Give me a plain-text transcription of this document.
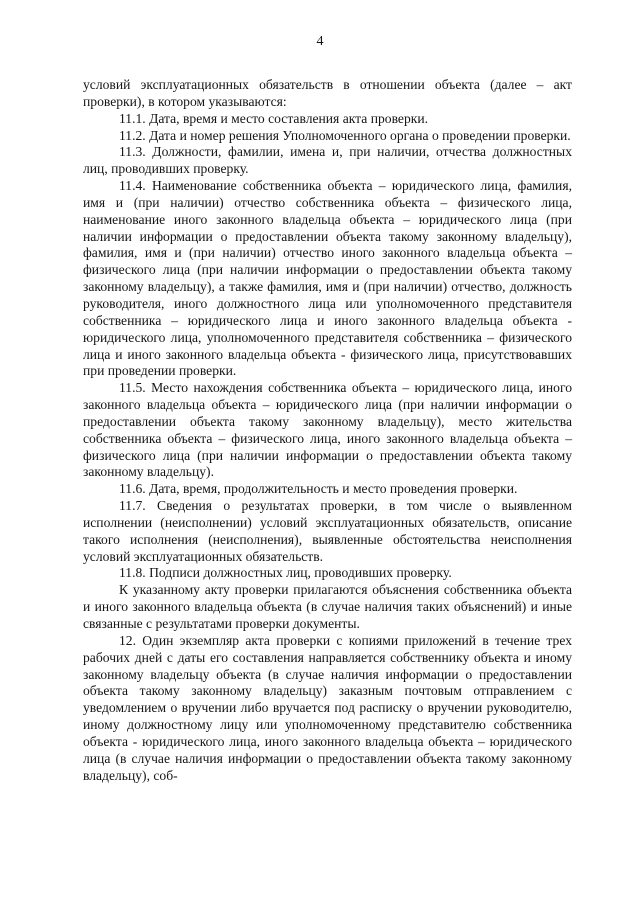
4

условий эксплуатационных обязательств в отношении объекта (далее – акт проверки), в котором указываются:

11.1. Дата, время и место составления акта проверки.

11.2. Дата и номер решения Уполномоченного органа о проведении проверки.

11.3. Должности, фамилии, имена и, при наличии, отчества должностных лиц, проводивших проверку.

11.4. Наименование собственника объекта – юридического лица, фамилия, имя и (при наличии) отчество собственника объекта – физического лица, наименование иного законного владельца объекта – юридического лица (при наличии информации о предоставлении объекта такому законному владельцу), фамилия, имя и (при наличии) отчество иного законного владельца объекта – физического лица (при наличии информации о предоставлении объекта такому законному владельцу), а также фамилия, имя и (при наличии) отчество, должность руководителя, иного должностного лица или уполномоченного представителя собственника – юридического лица и иного законного владельца объекта - юридического лица, уполномоченного представителя собственника – физического лица и иного законного владельца объекта - физического лица, присутствовавших при проведении проверки.

11.5. Место нахождения собственника объекта – юридического лица, иного законного владельца объекта – юридического лица (при наличии информации о предоставлении объекта такому законному владельцу), место жительства собственника объекта – физического лица, иного законного владельца объекта – физического лица (при наличии информации о предоставлении объекта такому законному владельцу).

11.6. Дата, время, продолжительность и место проведения проверки.

11.7. Сведения о результатах проверки, в том числе о выявленном исполнении (неисполнении) условий эксплуатационных обязательств, описание такого исполнения (неисполнения), выявленные обстоятельства неисполнения условий эксплуатационных обязательств.

11.8. Подписи должностных лиц, проводивших проверку.

К указанному акту проверки прилагаются объяснения собственника объекта и иного законного владельца объекта (в случае наличия таких объяснений) и иные связанные с результатами проверки документы.

12. Один экземпляр акта проверки с копиями приложений в течение трех рабочих дней с даты его составления направляется собственнику объекта и иному законному владельцу объекта (в случае наличия информации о предоставлении объекта такому законному владельцу) заказным почтовым отправлением с уведомлением о вручении либо вручается под расписку о вручении руководителю, иному должностному лицу или уполномоченному представителю собственника объекта - юридического лица, иного законного владельца объекта – юридического лица (в случае наличия информации о предоставлении объекта такому законному владельцу), соб-
